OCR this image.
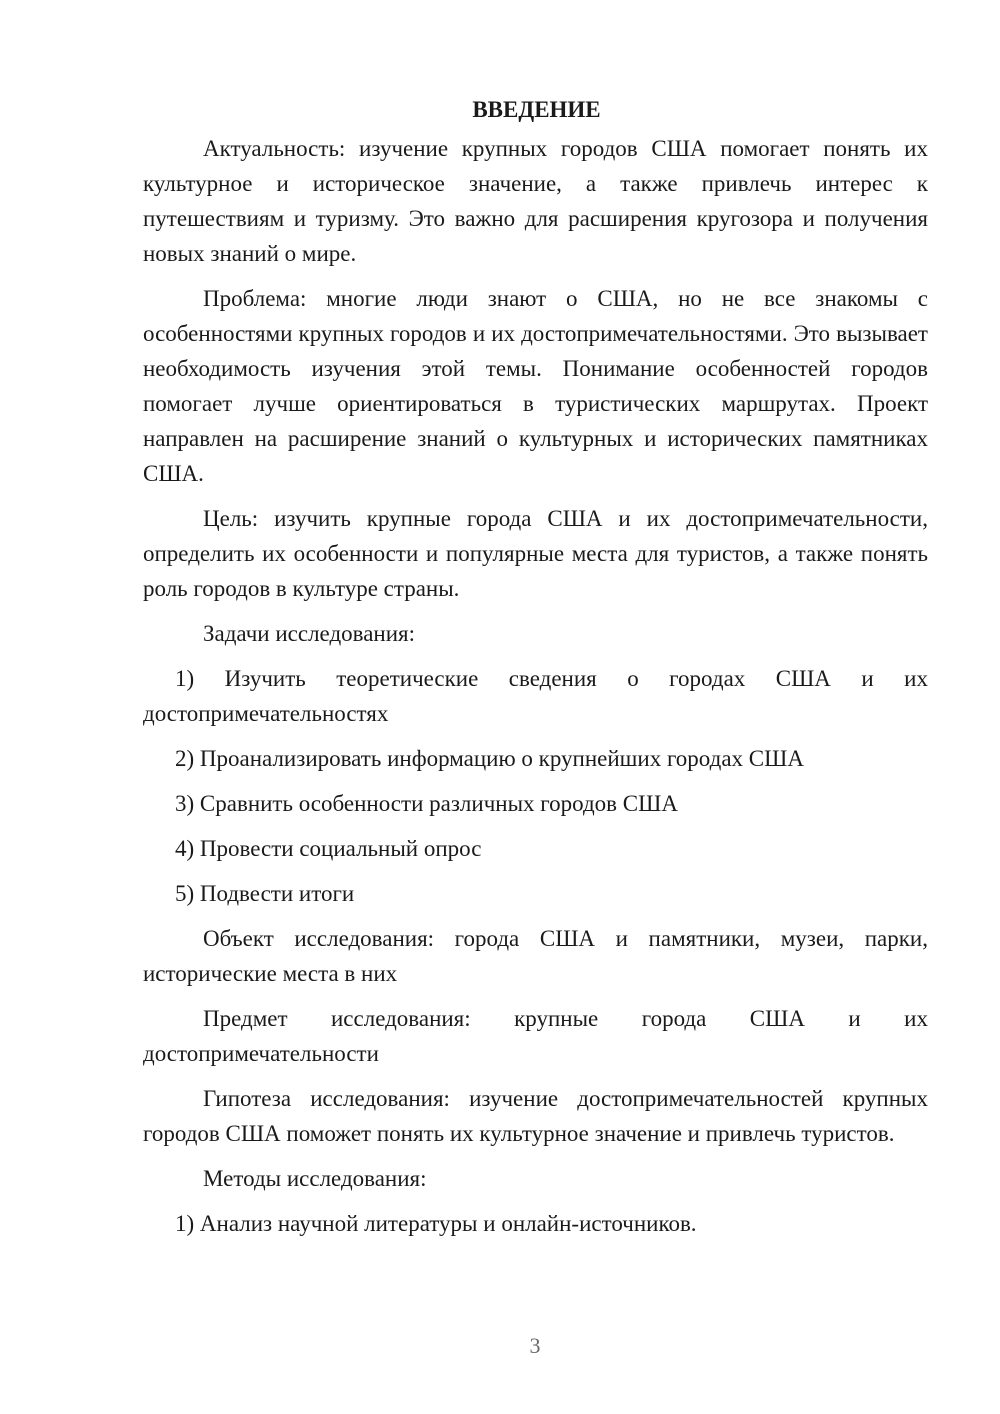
ВВЕДЕНИЕ

Актуальность: изучение крупных городов США помогает понять их культурное и историческое значение, а также привлечь интерес к путешествиям и туризму. Это важно для расширения кругозора и получения новых знаний о мире.

Проблема: многие люди знают о США, но не все знакомы с особенностями крупных городов и их достопримечательностями. Это вызывает необходимость изучения этой темы. Понимание особенностей городов помогает лучше ориентироваться в туристических маршрутах. Проект направлен на расширение знаний о культурных и исторических памятниках США.

Цель: изучить крупные города США и их достопримечательности, определить их особенности и популярные места для туристов, а также понять роль городов в культуре страны.

Задачи исследования:

1) Изучить теоретические сведения о городах США и их достопримечательностях

2) Проанализировать информацию о крупнейших городах США

3) Сравнить особенности различных городов США

4) Провести социальный опрос

5) Подвести итоги

Объект исследования: города США и памятники, музеи, парки, исторические места в них

Предмет исследования: крупные города США и их достопримечательности

Гипотеза исследования: изучение достопримечательностей крупных городов США поможет понять их культурное значение и привлечь туристов.

Методы исследования:

1) Анализ научной литературы и онлайн-источников.

3
